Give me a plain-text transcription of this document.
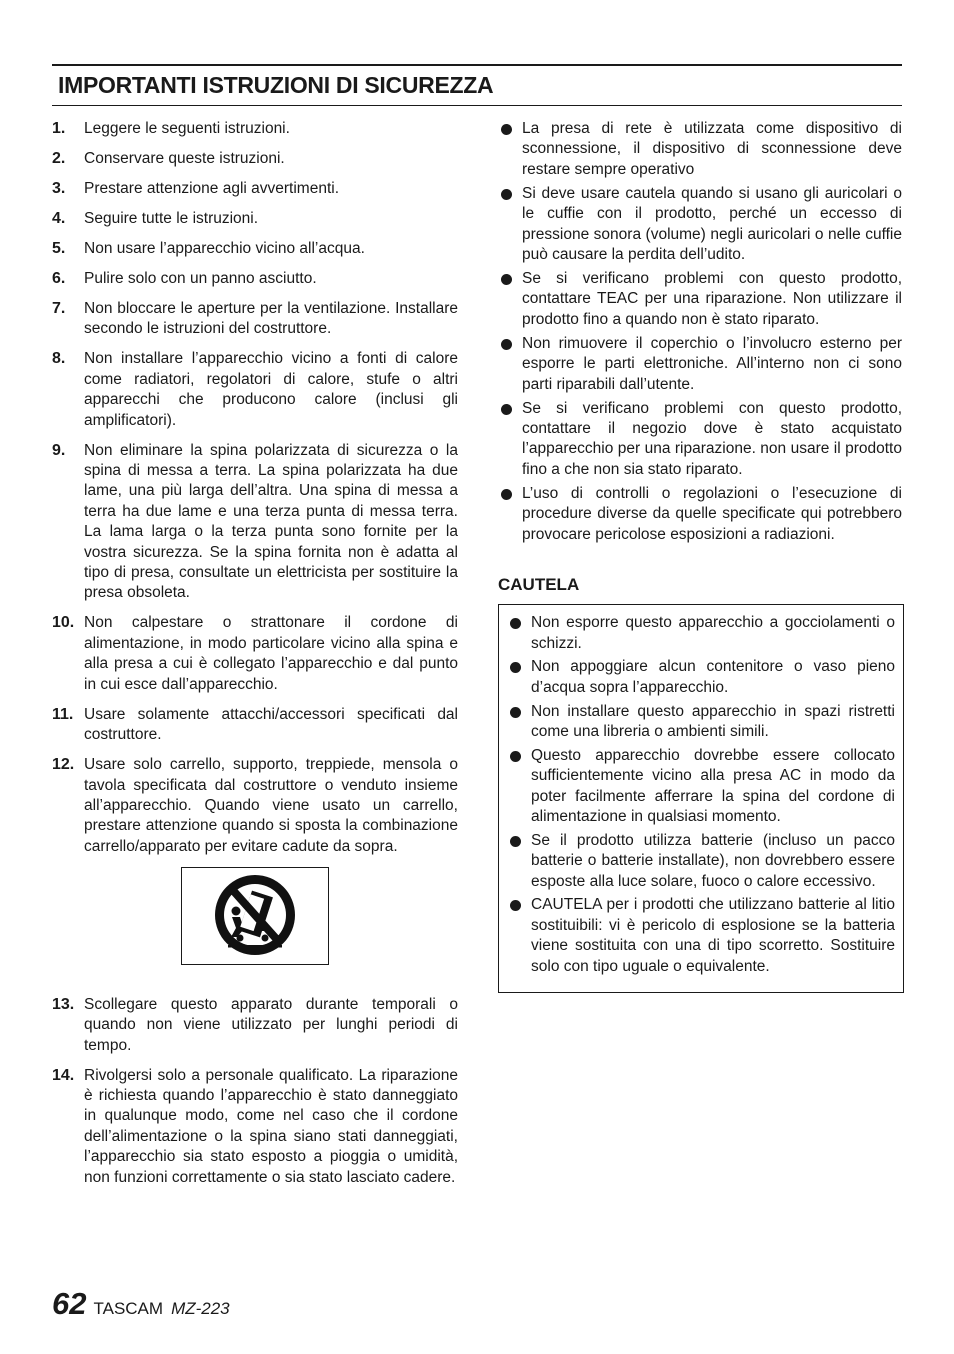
IMPORTANTI ISTRUZIONI DI SICUREZZA
1. Leggere le seguenti istruzioni.
2. Conservare queste istruzioni.
3. Prestare attenzione agli avvertimenti.
4. Seguire tutte le istruzioni.
5. Non usare l’apparecchio vicino all’acqua.
6. Pulire solo con un panno asciutto.
7. Non bloccare le aperture per la ventilazione. Installare secondo le istruzioni del costruttore.
8. Non installare l’apparecchio vicino a fonti di calore come radiatori, regolatori di calore, stufe o altri apparecchi che producono calore (inclusi gli amplificatori).
9. Non eliminare la spina polarizzata di sicurezza o la spina di messa a terra. La spina polarizzata ha due lame, una più larga dell’altra. Una spina di messa a terra ha due lame e una terza punta di messa terra. La lama larga o la terza punta sono fornite per la vostra sicurezza. Se la spina fornita non è adatta al tipo di presa, consultate un elettricista per sostituire la presa obsoleta.
10. Non calpestare o strattonare il cordone di alimentazione, in modo particolare vicino alla spina e alla presa a cui è collegato l’apparecchio e dal punto in cui esce dall’apparecchio.
11. Usare solamente attacchi/accessori specificati dal costruttore.
12. Usare solo carrello, supporto, treppiede, mensola o tavola specificata dal costruttore o venduto insieme all’apparecchio. Quando viene usato un carrello, prestare attenzione quando si sposta la combinazione carrello/apparato per evitare cadute da sopra.
13. Scollegare questo apparato durante temporali o quando non viene utilizzato per lunghi periodi di tempo.
14. Rivolgersi solo a personale qualificato. La riparazione è richiesta quando l’apparecchio è stato danneggiato in qualunque modo, come nel caso che il cordone dell’alimentazione o la spina siano stati danneggiati, l’apparecchio sia stato esposto a pioggia o umidità, non funzioni correttamente o sia stato lasciato cadere.
La presa di rete è utilizzata come dispositivo di sconnessione, il dispositivo di sconnessione deve restare sempre operativo
Si deve usare cautela quando si usano gli auricolari o le cuffie con il prodotto, perché un eccesso di pressione sonora (volume) negli auricolari o nelle cuffie può causare la perdita dell’udito.
Se si verificano problemi con questo prodotto, contattare TEAC per una riparazione. Non utilizzare il prodotto fino a quando non è stato riparato.
Non rimuovere il coperchio o l’involucro esterno per esporre le parti elettroniche. All’interno non ci sono parti riparabili dall’utente.
Se si verificano problemi con questo prodotto, contattare il negozio dove è stato acquistato l’apparecchio per una riparazione. non usare il prodotto fino a che non sia stato riparato.
L’uso di controlli o regolazioni o l’esecuzione di procedure diverse da quelle specificate qui potrebbero provocare pericolose esposizioni a radiazioni.
CAUTELA
Non esporre questo apparecchio a gocciolamenti o schizzi.
Non appoggiare alcun contenitore o vaso pieno d’acqua sopra l’apparecchio.
Non installare questo apparecchio in spazi ristretti come una libreria o ambienti simili.
Questo apparecchio dovrebbe essere collocato sufficientemente vicino alla presa AC in modo da poter facilmente afferrare la spina del cordone di alimentazione in qualsiasi momento.
Se il prodotto utilizza batterie (incluso un pacco batterie o batterie installate), non dovrebbero essere esposte alla luce solare, fuoco o calore eccessivo.
CAUTELA per i prodotti che utilizzano batterie al litio sostituibili: vi è pericolo di esplosione se la batteria viene sostituita con una di tipo scorretto. Sostituire solo con tipo uguale o equivalente.
62 TASCAM MZ-223
